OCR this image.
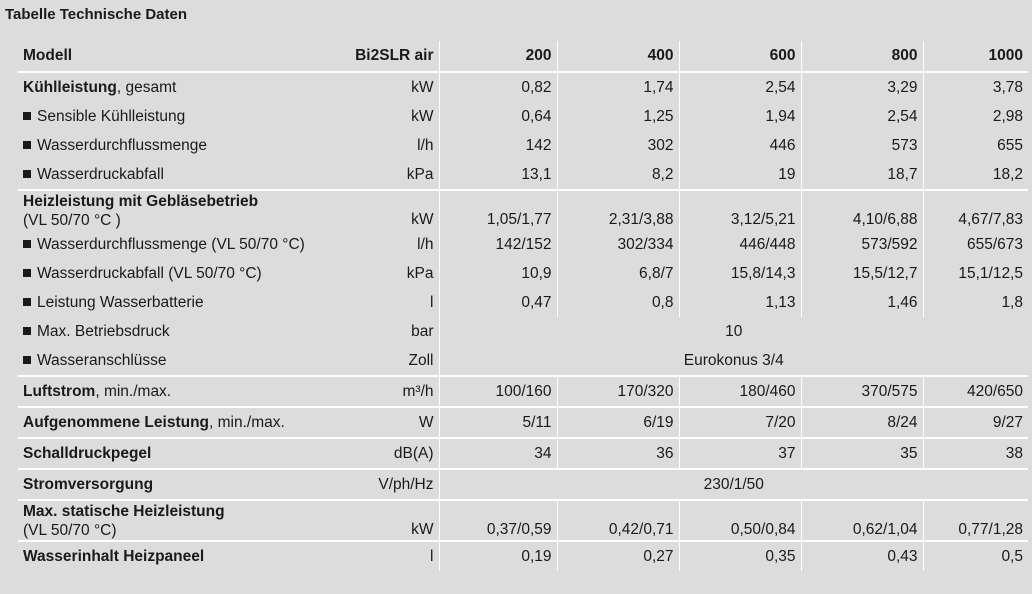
Tabelle Technische Daten
Modell	Bi2SLR air	200	400	600	800	1000
Kühlleistung, gesamt	kW	0,82	1,74	2,54	3,29	3,78
Sensible Kühlleistung	kW	0,64	1,25	1,94	2,54	2,98
Wasserdurchflussmenge	l/h	142	302	446	573	655
Wasserdruckabfall	kPa	13,1	8,2	19	18,7	18,2
Heizleistung mit Gebläsebetrieb
(VL 50/70 °C )	kW	1,05/1,77	2,31/3,88	3,12/5,21	4,10/6,88	4,67/7,83
Wasserdurchflussmenge (VL 50/70 °C)	l/h	142/152	302/334	446/448	573/592	655/673
Wasserdruckabfall (VL 50/70 °C)	kPa	10,9	6,8/7	15,8/14,3	15,5/12,7	15,1/12,5
Leistung Wasserbatterie	l	0,47	0,8	1,13	1,46	1,8
Max. Betriebsdruck	bar	10				
Wasseranschlüsse	Zoll	Eurokonus 3/4				
Luftstrom, min./max.	m³/h	100/160	170/320	180/460	370/575	420/650
Aufgenommene Leistung, min./max.	W	5/11	6/19	7/20	8/24	9/27
Schalldruckpegel	dB(A)	34	36	37	35	38
Stromversorgung	V/ph/Hz	230/1/50				
Max. statische Heizleistung
(VL 50/70 °C)	kW	0,37/0,59	0,42/0,71	0,50/0,84	0,62/1,04	0,77/1,28
Wasserinhalt Heizpaneel	l	0,19	0,27	0,35	0,43	0,5
